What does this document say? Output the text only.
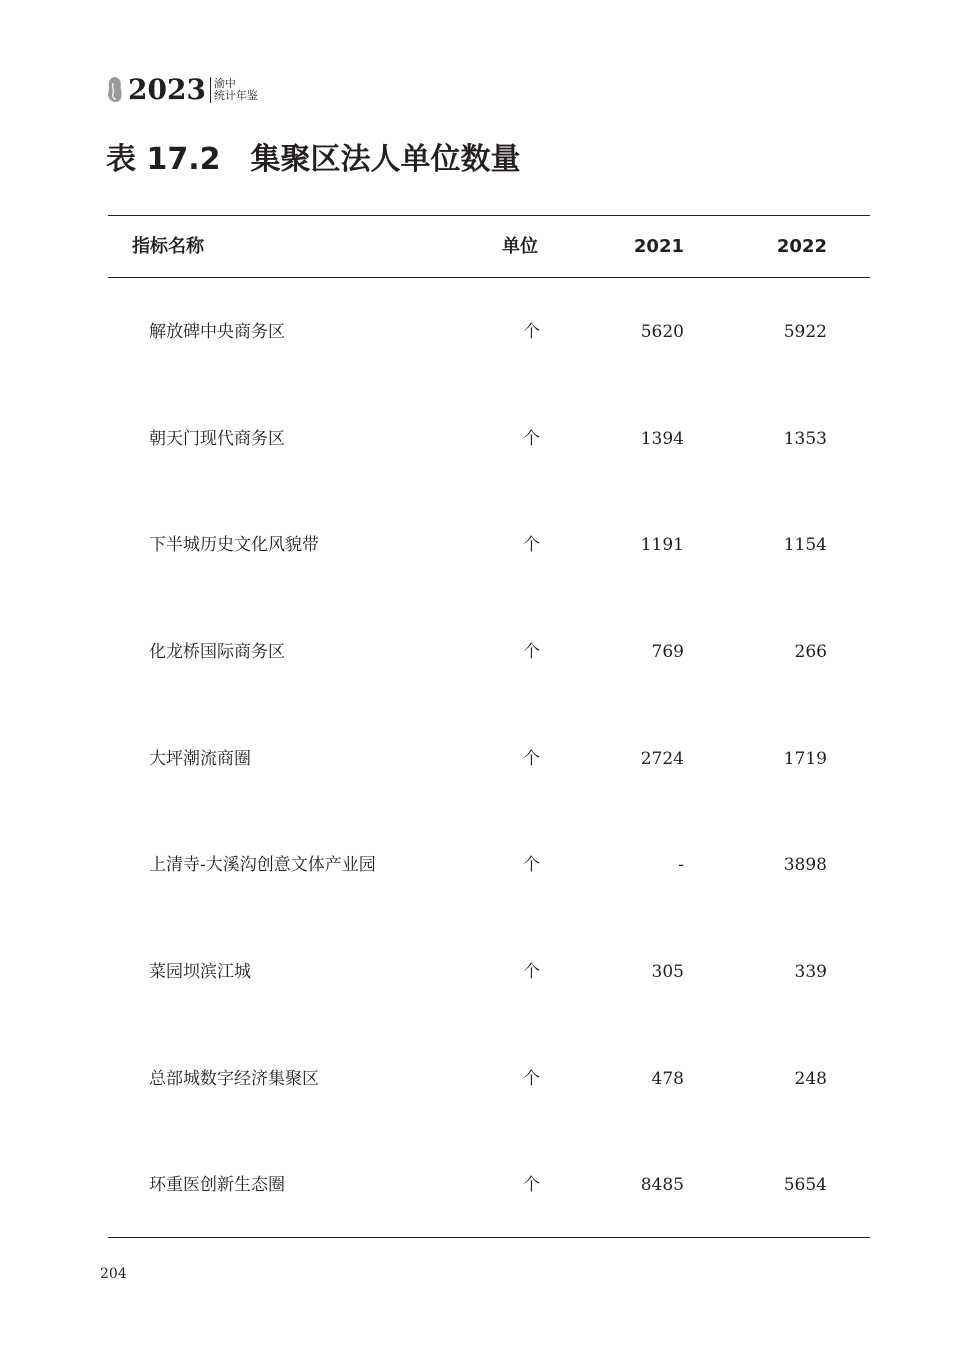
2023 渝中
统计年鉴
表 17.2 集聚区法人单位数量
指标名称	单位	2021	2022
解放碑中央商务区	个	5620	5922
朝天门现代商务区	个	1394	1353
下半城历史文化风貌带	个	1191	1154
化龙桥国际商务区	个	769	266
大坪潮流商圈	个	2724	1719
上清寺-大溪沟创意文体产业园	个	-	3898
菜园坝滨江城	个	305	339
总部城数字经济集聚区	个	478	248
环重医创新生态圈	个	8485	5654
204
